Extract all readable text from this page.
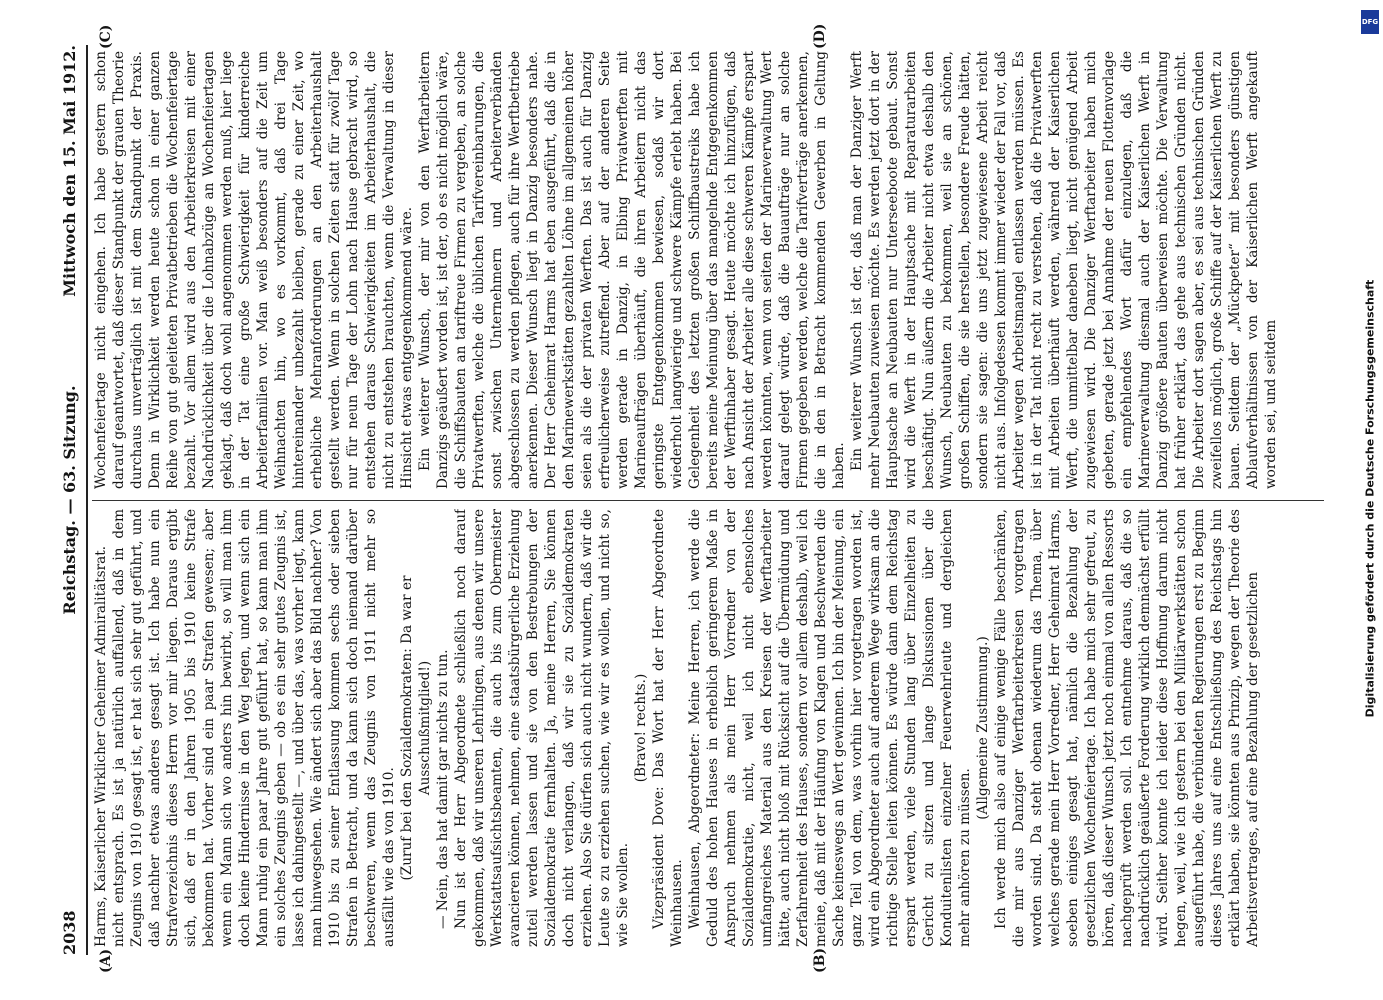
2038
Reichstag. — 63. Sitzung.
Mittwoch den 15. Mai 1912.
(A)	(B)
(C)	(D)

Harms, Kaiserlicher Wirklicher Geheimer Admiralitätsrat. nicht entsprach. Es ist ja natürlich auffallend, daß in dem Zeugnis von 1910 gesagt ist, er hat sich sehr gut geführt, und daß nachher etwas anderes gesagt ist. Ich habe nun ein Strafverzeichnis dieses Herrn vor mir liegen. Daraus ergibt sich, daß er in den Jahren 1905 bis 1910 keine Strafe bekommen hat. Vorher sind ein paar Strafen gewesen; aber wenn ein Mann sich wo anders hin bewirbt, so will man ihm doch keine Hindernisse in den Weg legen, und wenn sich ein Mann ruhig ein paar Jahre gut geführt hat, so kann man ihm ein solches Zeugnis geben — ob es ein sehr gutes Zeugnis ist, lasse ich dahingestellt —, und über das, was vorher liegt, kann man hinwegsehen. Wie ändert sich aber das Bild nachher? Von 1910 bis zu seiner Entlassung kommen sechs oder sieben Strafen in Betracht, und da kann sich doch niemand darüber beschweren, wenn das Zeugnis von 1911 nicht mehr so ausfällt wie das von 1910. (Zuruf bei den Sozialdemokraten: Da war er Ausschußmitglied!) — Nein, das hat damit gar nichts zu tun. Nun ist der Herr Abgeordnete schließlich noch darauf gekommen, daß wir unseren Lehrlingen, aus denen wir unsere Werkstattsaufsichtsbeamten, die auch bis zum Obermeister avancieren können, nehmen, eine staatsbürgerliche Erziehung zuteil werden lassen und sie von den Bestrebungen der Sozialdemokratie fernhalten. Ja, meine Herren, Sie können doch nicht verlangen, daß wir sie zu Sozialdemokraten erziehen. Also Sie dürfen sich auch nicht wundern, daß wir die Leute so zu erziehen suchen, wie wir es wollen, und nicht so, wie Sie wollen.

(Bravo! rechts.) Vizepräsident Dove: Das Wort hat der Herr Abgeordnete Weinhausen. Weinhausen, Abgeordneter: Meine Herren, ich werde die Geduld des hohen Hauses in erheblich geringerem Maße in Anspruch nehmen als mein Herr Vorredner von der Sozialdemokratie, nicht, weil ich nicht ebensolches umfangreiches Material aus den Kreisen der Werftarbeiter hätte, auch nicht bloß mit Rücksicht auf die Übermüdung und Zerfahrenheit des Hauses, sondern vor allem deshalb, weil ich meine, daß mit der Häufung von Klagen und Beschwerden die Sache keineswegs an Wert gewinnen. Ich bin der Meinung, ein ganz Teil von dem, was vorhin hier vorgetragen worden ist, wird ein Abgeordneter auch auf anderem Wege wirksam an die richtige Stelle leiten können. Es würde dann dem Reichstag erspart werden, viele Stunden lang über Einzelheiten zu Gericht zu sitzen und lange Diskussionen über die Konduitenlisten einzelner Feuerwehrleute und dergleichen mehr anhören zu müssen.

(Allgemeine Zustimmung.) Ich werde mich also auf einige wenige Fälle beschränken, die mir aus Danziger Werftarbeiterkreisen vorgetragen worden sind. Da steht obenan wiederum das Thema, über welches gerade mein Herr Vorredner, Herr Geheimrat Harms, soeben einiges gesagt hat, nämlich die Bezahlung der gesetzlichen Wochenfeiertage. Ich habe mich sehr gefreut, zu hören, daß dieser Wunsch jetzt noch einmal von allen Ressorts nachgeprüft werden soll. Ich entnehme daraus, daß die so nachdrücklich geäußerte Forderung wirklich demnächst erfüllt wird. Seither konnte ich leider diese Hoffnung darum nicht hegen, weil, wie ich gestern bei den Militärwerkstätten schon ausgeführt habe, die verbündeten Regierungen erst zu Beginn dieses Jahres uns auf eine Entschließung des Reichstags hin erklärt haben, sie könnten aus Prinzip, wegen der Theorie des Arbeitsvertrages, auf eine Bezahlung der gesetzlichen

Wochenfeiertage nicht eingehen. Ich habe gestern schon darauf geantwortet, daß dieser Standpunkt der grauen Theorie durchaus unverträglich ist mit dem Standpunkt der Praxis. Denn in Wirklichkeit werden heute schon in einer ganzen Reihe von gut geleiteten Privatbetrieben die Wochenfeiertage bezahlt. Vor allem wird aus den Arbeiterkreisen mit einer Nachdrücklichkeit über die Lohnabzüge an Wochenfeiertagen geklagt, daß doch wohl angenommen werden muß, hier liege in der Tat eine große Schwierigkeit für kinderreiche Arbeiterfamilien vor. Man weiß besonders auf die Zeit um Weihnachten hin, wo es vorkommt, daß drei Tage hintereinander unbezahlt bleiben, gerade zu einer Zeit, wo erhebliche Mehranforderungen an den Arbeiterhaushalt gestellt werden. Wenn in solchen Zeiten statt für zwölf Tage nur für neun Tage der Lohn nach Hause gebracht wird, so entstehen daraus Schwierigkeiten im Arbeiterhaushalt, die nicht zu entstehen brauchten, wenn die Verwaltung in dieser Hinsicht etwas entgegenkommend wäre. Ein weiterer Wunsch, der mir von den Werftarbeitern Danzigs geäußert worden ist, ist der, ob es nicht möglich wäre, die Schiffsbauten an tariftreue Firmen zu vergeben, an solche Privatwerften, welche die üblichen Tarifvereinbarungen, die sonst zwischen Unternehmern und Arbeiterverbänden abgeschlossen zu werden pflegen, auch für ihre Werftbetriebe anerkennen. Dieser Wunsch liegt in Danzig besonders nahe. Der Herr Geheimrat Harms hat eben ausgeführt, daß die in den Marinewerkstätten gezahlten Löhne im allgemeinen höher seien als die der privaten Werften. Das ist auch für Danzig erfreulicherweise zutreffend. Aber auf der anderen Seite werden gerade in Danzig, in Elbing Privatwerften mit Marineaufträgen überhäuft, die ihren Arbeitern nicht das geringste Entgegenkommen bewiesen, sodaß wir dort wiederholt langwierige und schwere Kämpfe erlebt haben. Bei Gelegenheit des letzten großen Schiffbaustreiks habe ich bereits meine Meinung über das mangelnde Entgegenkommen der Werftinhaber gesagt. Heute möchte ich hinzufügen, daß nach Ansicht der Arbeiter alle diese schweren Kämpfe erspart werden könnten, wenn von seiten der Marineverwaltung Wert darauf gelegt würde, daß die Bauaufträge nur an solche Firmen gegeben werden, welche die Tarifverträge anerkennen, die in den in Betracht kommenden Gewerben in Geltung haben. Ein weiterer Wunsch ist der, daß man der Danziger Werft mehr Neubauten zuweisen möchte. Es werden jetzt dort in der Hauptsache an Neubauten nur Unterseeboote gebaut. Sonst wird die Werft in der Hauptsache mit Reparaturarbeiten beschäftigt. Nun äußern die Arbeiter nicht etwa deshalb den Wunsch, Neubauten zu bekommen, weil sie an schönen, großen Schiffen, die sie herstellen, besondere Freude hätten, sondern sie sagen: die uns jetzt zugewiesene Arbeit reicht nicht aus. Infolgedessen kommt immer wieder der Fall vor, daß Arbeiter wegen Arbeitsmangel entlassen werden müssen. Es ist in der Tat nicht recht zu verstehen, daß die Privatwerften mit Arbeiten überhäuft werden, während der Kaiserlichen Werft, die unmittelbar daneben liegt, nicht genügend Arbeit zugewiesen wird. Die Danziger Werftarbeiter haben mich gebeten, gerade jetzt bei Annahme der neuen Flottenvorlage ein empfehlendes Wort dafür einzulegen, daß die Marineverwaltung diesmal auch der Kaiserlichen Werft in Danzig größere Bauten überweisen möchte. Die Verwaltung hat früher erklärt, das gehe aus technischen Gründen nicht. Die Arbeiter dort sagen aber, es sei aus technischen Gründen zweifellos möglich, große Schiffe auf der Kaiserlichen Werft zu bauen. Seitdem der „Mückpeter“ mit besonders günstigen Ablaufverhältnissen von der Kaiserlichen Werft angekauft worden sei, und seitdem

DFG
Digitalisierung gefördert durch die Deutsche Forschungsgemeinschaft
